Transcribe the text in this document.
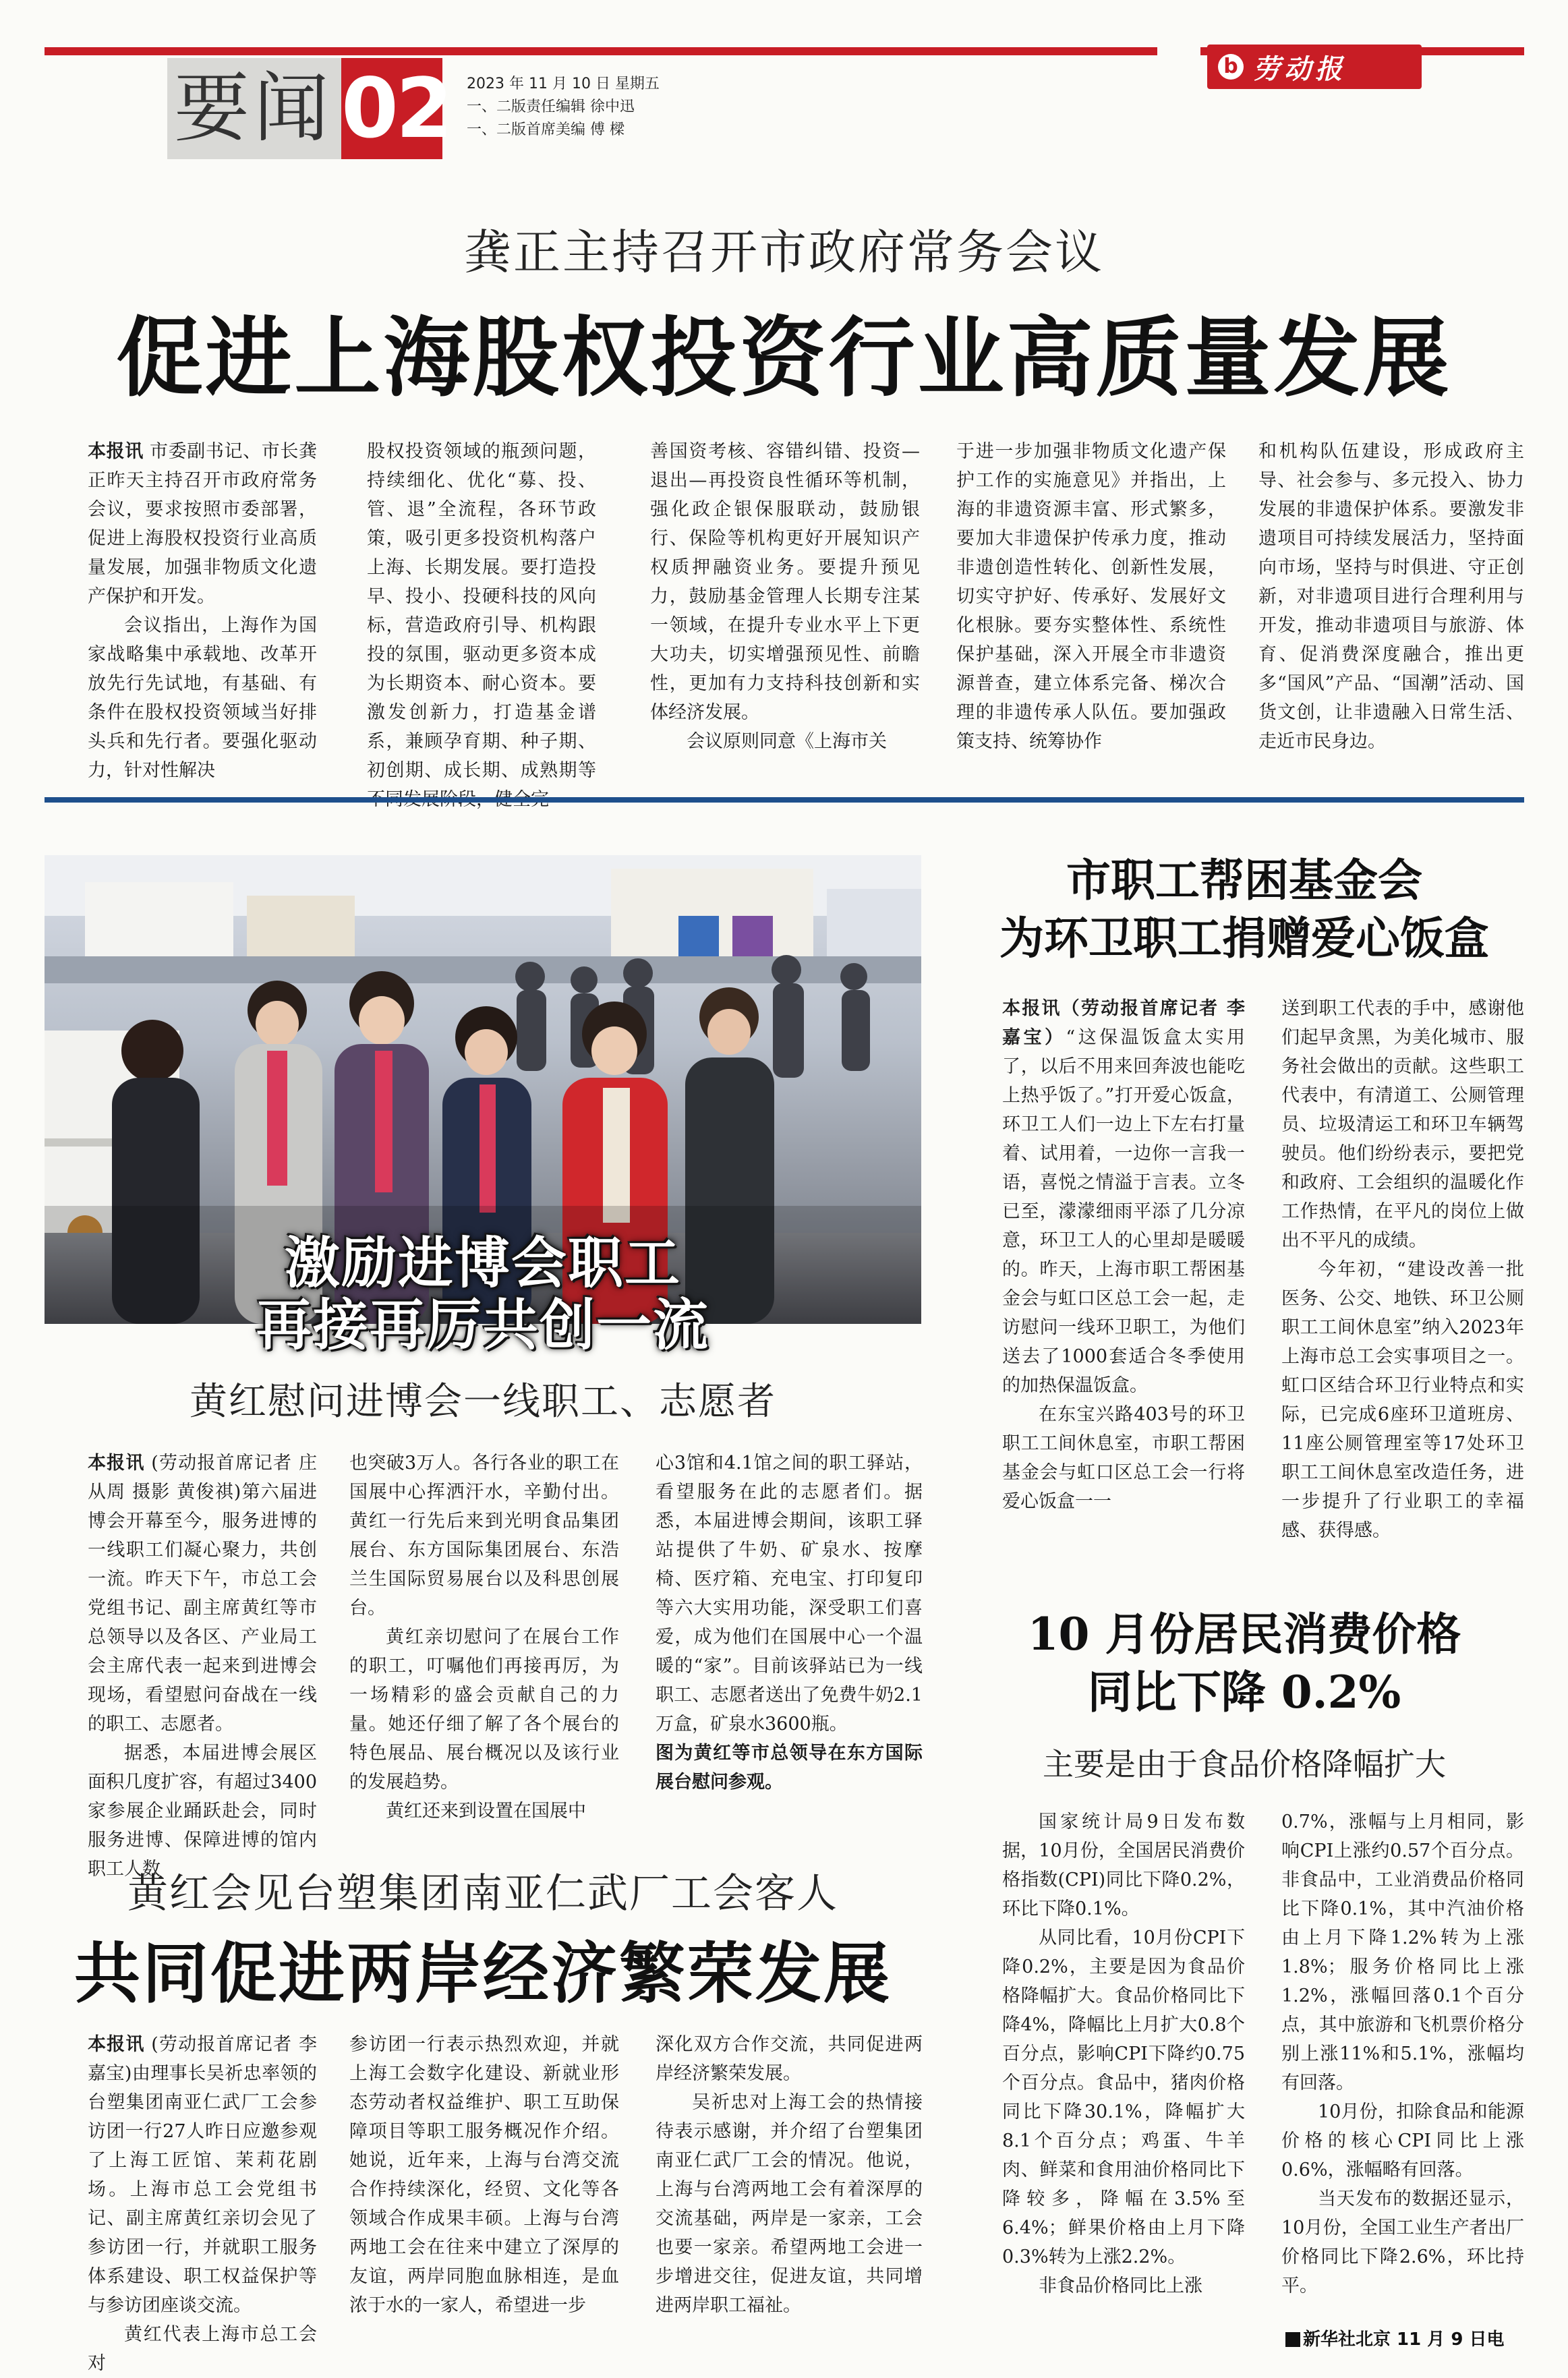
要闻 02 2023 年 11 月 10 日 星期五
一、二版责任编辑 徐中迅
一、二版首席美编 傅 樑
b 劳动报
龚正主持召开市政府常务会议
促进上海股权投资行业高质量发展

本报讯 市委副书记、市长龚正昨天主持召开市政府常务会议，要求按照市委部署，促进上海股权投资行业高质量发展，加强非物质文化遗产保护和开发。

会议指出，上海作为国家战略集中承载地、改革开放先行先试地，有基础、有条件在股权投资领域当好排头兵和先行者。要强化驱动力，针对性解决

股权投资领域的瓶颈问题，持续细化、优化“募、投、管、退”全流程，各环节政策，吸引更多投资机构落户上海、长期发展。要打造投早、投小、投硬科技的风向标，营造政府引导、机构跟投的氛围，驱动更多资本成为长期资本、耐心资本。要激发创新力，打造基金谱系，兼顾孕育期、种子期、初创期、成长期、成熟期等

善国资考核、容错纠错、投资—退出—再投资良性循环等机制，强化政企银保服联动，鼓励银行、保险等机构更好开展知识产权质押融资业务。要提升预见力，鼓励基金管理人长期专注某一领域，在提升专业水平上下更大功夫，切实增强预见性、前瞻性，更加有力支持科技创新和实体经济发展。

会议原则同意《上海市关

于进一步加强非物质文化遗产保护工作的实施意见》并指出，上海的非遗资源丰富、形式繁多，要加大非遗保护传承力度，推动非遗创造性转化、创新性发展，切实守护好、传承好、发展好文化根脉。要夯实整体性、系统性保护基础，深入开展全市非遗资源普查，建立体系完备、梯次合理的非遗传承人队伍。要加强政策支持、统筹协作

和机构队伍建设，形成政府主导、社会参与、多元投入、协力发展的非遗保护体系。要激发非遗项目可持续发展活力，坚持面向市场，坚持与时俱进、守正创新，对非遗项目进行合理利用与开发，推动非遗项目与旅游、体育、促消费深度融合，推出更多“国风”产品、“国潮”活动、国货文创，让非遗融入日常生活、走近市民身边。

激励进博会职工
再接再厉共创一流
黄红慰问进博会一线职工、志愿者

本报讯 (劳动报首席记者 庄从周 摄影 黄俊祺)第六届进博会开幕至今，服务进博的一线职工们凝心聚力，共创一流。昨天下午，市总工会党组书记、副主席黄红等市总领导以及各区、产业局工会主席代表一起来到进博会现场，看望慰问奋战在一线的职工、志愿者。

据悉，本届进博会展区面积几度扩容，有超过3400家参展企业踊跃赴会，同时服务进博、保障进博的馆内职工人数

也突破3万人。各行各业的职工在国展中心挥洒汗水，辛勤付出。黄红一行先后来到光明食品集团展台、东方国际集团展台、东浩兰生国际贸易展台以及科思创展台。

黄红亲切慰问了在展台工作的职工，叮嘱他们再接再厉，为一场精彩的盛会贡献自己的力量。她还仔细了解了各个展台的特色展品、展台概况以及该行业的发展趋势。

黄红还来到设置在国展中

心3馆和4.1馆之间的职工驿站，看望服务在此的志愿者们。据悉，本届进博会期间，该职工驿站提供了牛奶、矿泉水、按摩椅、医疗箱、充电宝、打印复印等六大实用功能，深受职工们喜爱，成为他们在国展中心一个温暖的“家”。目前该驿站已为一线职工、志愿者送出了免费牛奶2.1万盒，矿泉水3600瓶。

图为黄红等市总领导在东方国际展台慰问参观。

市职工帮困基金会
为环卫职工捐赠爱心饭盒

本报讯（劳动报首席记者 李嘉宝）“这保温饭盒太实用了，以后不用来回奔波也能吃上热乎饭了。”打开爱心饭盒，环卫工人们一边上下左右打量着、试用着，一边你一言我一语，喜悦之情溢于言表。立冬已至，濛濛细雨平添了几分凉意，环卫工人的心里却是暖暖的。昨天，上海市职工帮困基金会与虹口区总工会一起，走访慰问一线环卫职工，为他们送去了1000套适合冬季使用的加热保温饭盒。

在东宝兴路403号的环卫职工工间休息室，市职工帮困基金会与虹口区总工会一行将爱心饭盒一一

送到职工代表的手中，感谢他们起早贪黑，为美化城市、服务社会做出的贡献。这些职工代表中，有清道工、公厕管理员、垃圾清运工和环卫车辆驾驶员。他们纷纷表示，要把党和政府、工会组织的温暖化作工作热情，在平凡的岗位上做出不平凡的成绩。

今年初，“建设改善一批医务、公交、地铁、环卫公厕职工工间休息室”纳入2023年上海市总工会实事项目之一。虹口区结合环卫行业特点和实际，已完成6座环卫道班房、11座公厕管理室等17处环卫职工工间休息室改造任务，进一步提升了行业职工的幸福感、获得感。

10 月份居民消费价格
同比下降 0.2%
主要是由于食品价格降幅扩大

国家统计局9日发布数据，10月份，全国居民消费价格指数(CPI)同比下降0.2%，环比下降0.1%。

从同比看，10月份CPI下降0.2%，主要是因为食品价格降幅扩大。食品价格同比下降4%，降幅比上月扩大0.8个百分点，影响CPI下降约0.75个百分点。食品中，猪肉价格同比下降30.1%，降幅扩大8.1个百分点；鸡蛋、牛羊肉、鲜菜和食用油价格同比下降较多，降幅在3.5%至6.4%；鲜果价格由上月下降0.3%转为上涨2.2%。

非食品价格同比上涨

0.7%，涨幅与上月相同，影响CPI上涨约0.57个百分点。非食品中，工业消费品价格同比下降0.1%，其中汽油价格由上月下降1.2%转为上涨1.8%；服务价格同比上涨1.2%，涨幅回落0.1个百分点，其中旅游和飞机票价格分别上涨11%和5.1%，涨幅均有回落。

10月份，扣除食品和能源价格的核心CPI同比上涨0.6%，涨幅略有回落。

当天发布的数据还显示，10月份，全国工业生产者出厂价格同比下降2.6%，环比持平。

新华社北京 11 月 9 日电
黄红会见台塑集团南亚仁武厂工会客人
共同促进两岸经济繁荣发展

本报讯 (劳动报首席记者 李嘉宝)由理事长吴祈忠率领的台塑集团南亚仁武厂工会参访团一行27人昨日应邀参观了上海工匠馆、茉莉花剧场。上海市总工会党组书记、副主席黄红亲切会见了参访团一行，并就职工服务体系建设、职工权益保护等与参访团座谈交流。

黄红代表上海市总工会对

参访团一行表示热烈欢迎，并就上海工会数字化建设、新就业形态劳动者权益维护、职工互助保障项目等职工服务概况作介绍。她说，近年来，上海与台湾交流合作持续深化，经贸、文化等各领域合作成果丰硕。上海与台湾两地工会在往来中建立了深厚的友谊，两岸同胞血脉相连，是血浓于水的一家人，希望进一步

深化双方合作交流，共同促进两岸经济繁荣发展。

吴祈忠对上海工会的热情接待表示感谢，并介绍了台塑集团南亚仁武厂工会的情况。他说，上海与台湾两地工会有着深厚的交流基础，两岸是一家亲，工会也要一家亲。希望两地工会进一步增进交往，促进友谊，共同增进两岸职工福祉。
